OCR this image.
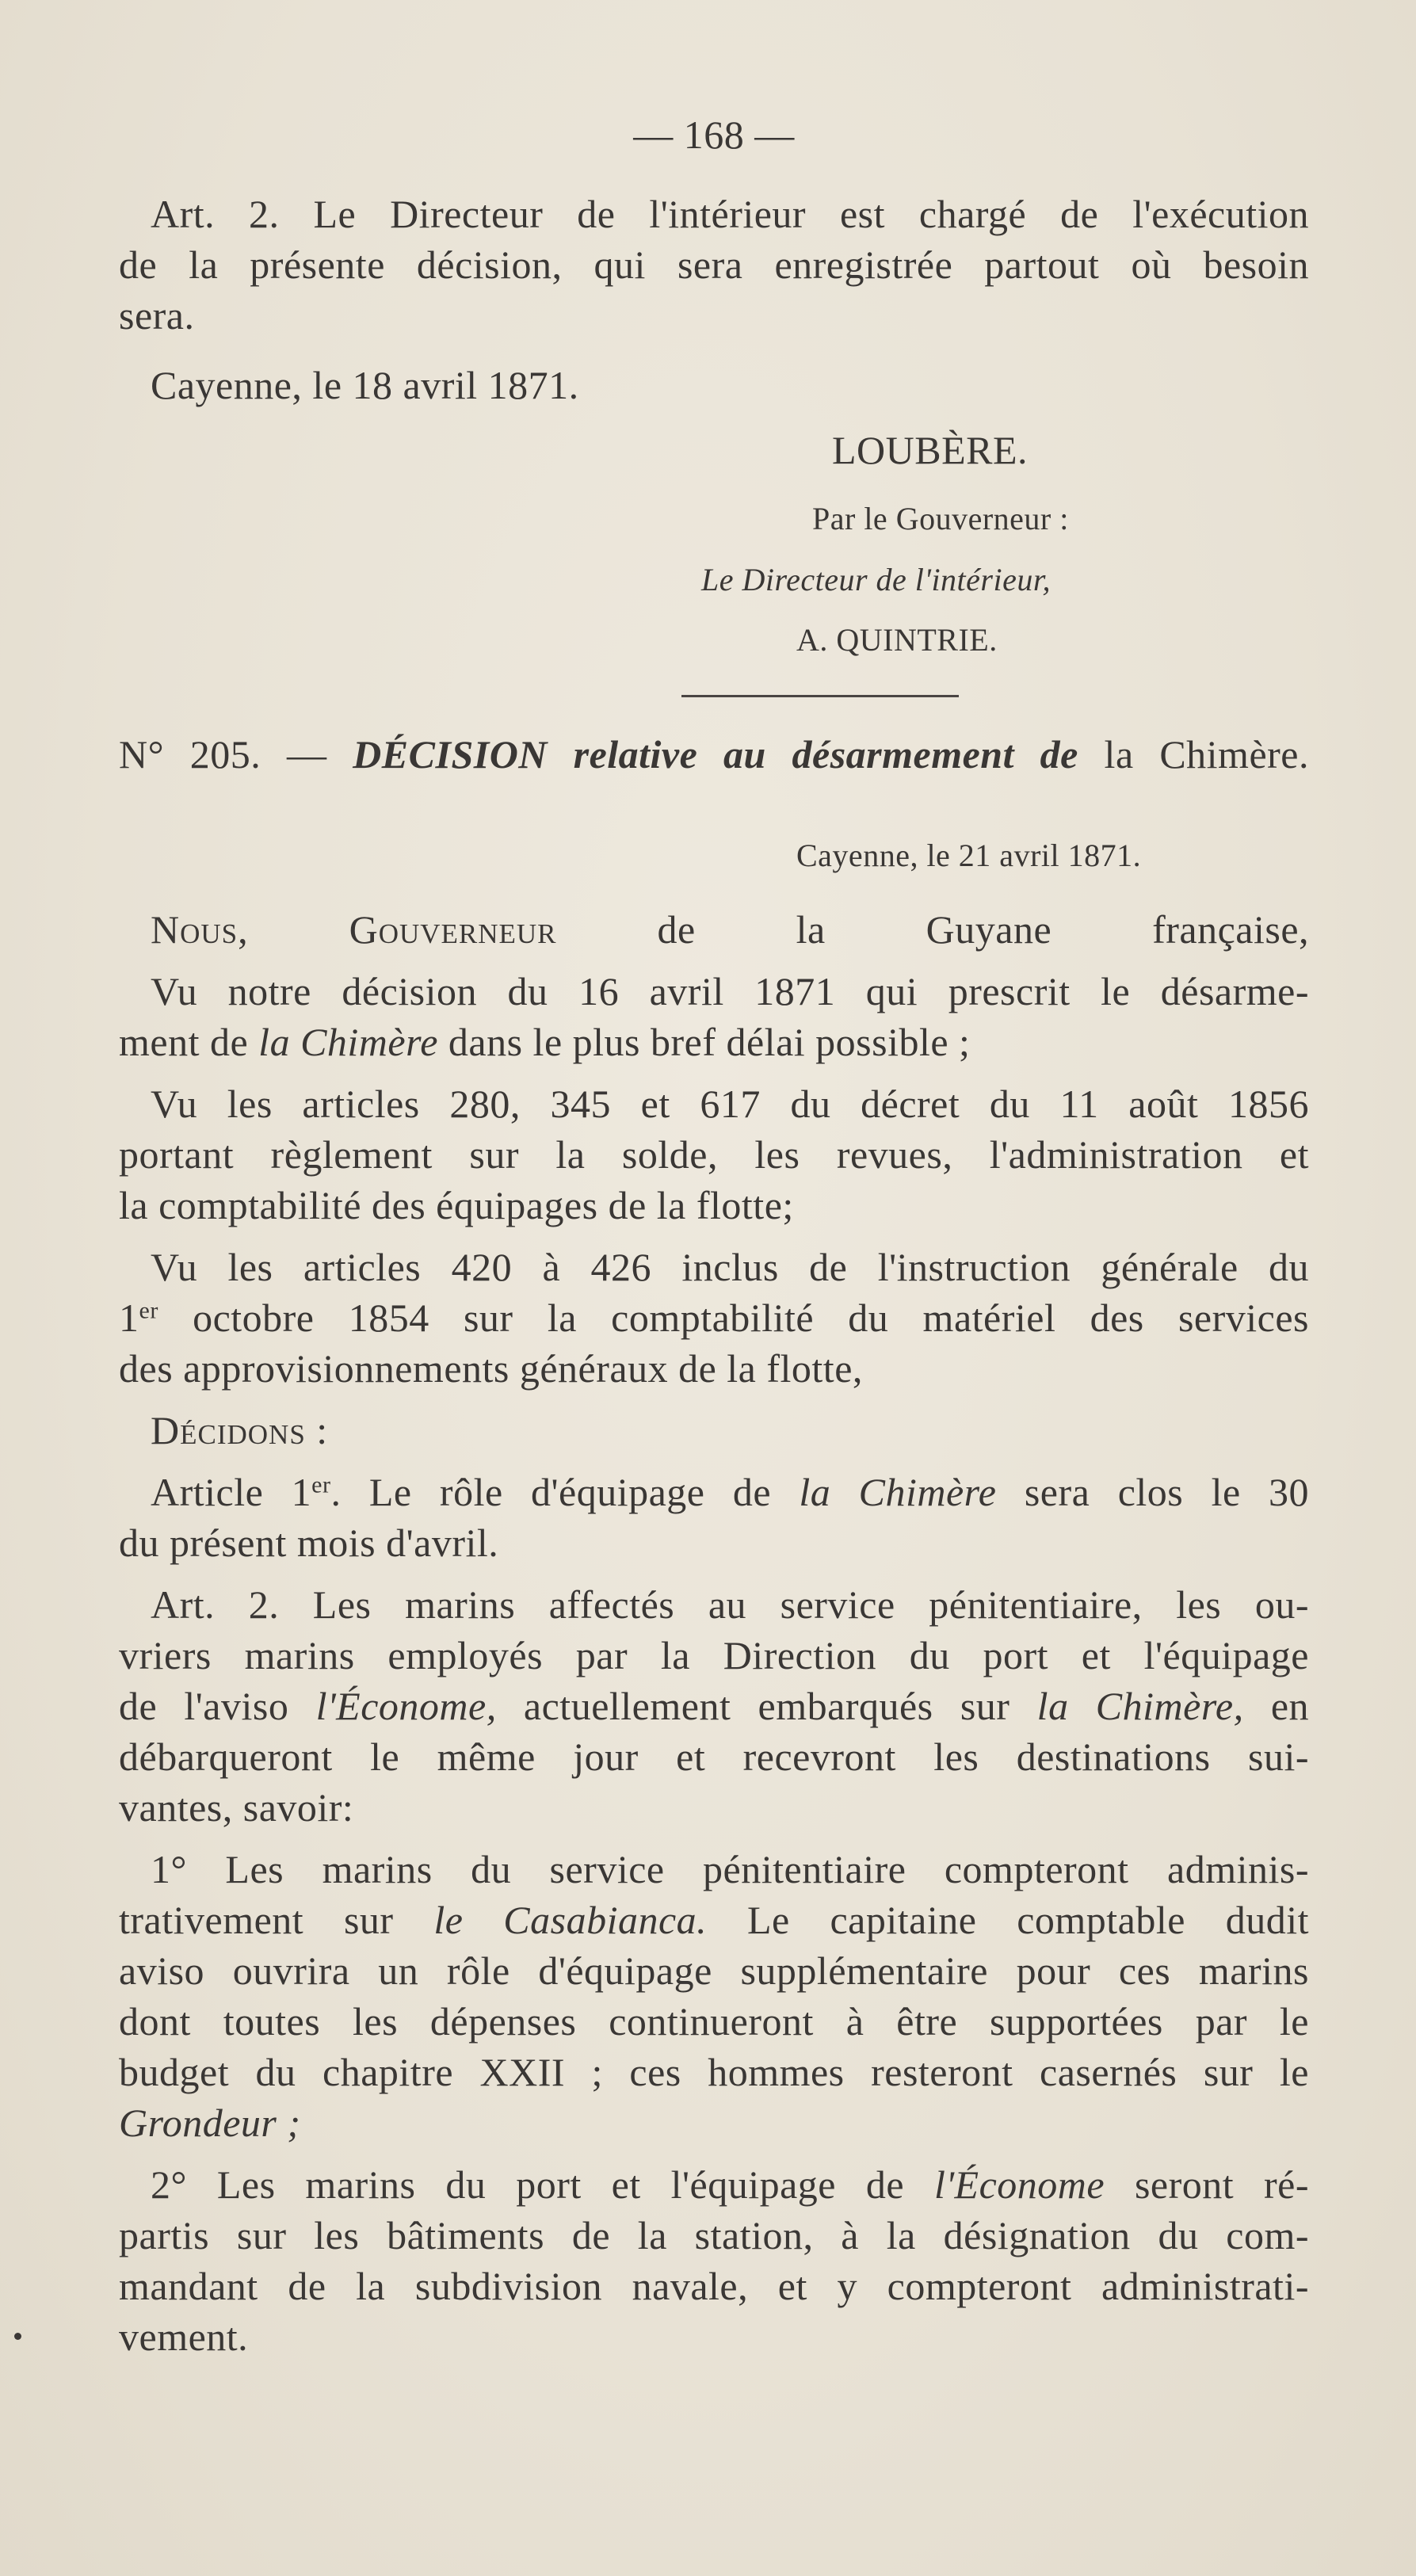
— 168 —
Art. 2. Le Directeur de l'intérieur est chargé de l'exécution
de la présente décision, qui sera enregistrée partout où besoin
sera.
Cayenne, le 18 avril 1871.
LOUBÈRE.
Par le Gouverneur :
Le Directeur de l'intérieur,
A. QUINTRIE.
N° 205. — DÉCISION relative au désarmement de la Chimère.
Cayenne, le 21 avril 1871.
Nous,	Gouverneur	de la Guyane française,
Vu notre décision du 16 avril 1871 qui prescrit le désarme-
ment de la Chimère dans le plus bref délai possible ;
Vu les articles 280, 345 et 617 du décret du 11 août 1856
portant règlement sur la solde, les revues, l'administration et
la comptabilité des équipages de la flotte;
Vu les articles 420 à 426 inclus de l'instruction générale du
1er octobre 1854 sur la comptabilité du matériel des services
des approvisionnements généraux de la flotte,
Décidons :
Article 1er. Le rôle d'équipage de la Chimère sera clos le 30
du présent mois d'avril.
Art. 2. Les marins affectés au service pénitentiaire, les ou-
vriers marins employés par la Direction du port et l'équipage
de l'aviso l'Économe, actuellement embarqués sur la Chimère, en
débarqueront le même jour et recevront les destinations sui-
vantes, savoir:
1° Les marins du service pénitentiaire compteront adminis-
trativement sur le Casabianca. Le capitaine comptable dudit
aviso ouvrira un rôle d'équipage supplémentaire pour ces marins
dont toutes les dépenses continueront à être supportées par le
budget du chapitre XXII ; ces hommes resteront casernés sur le
Grondeur ;
2° Les marins du port et l'équipage de l'Économe seront ré-
partis sur les bâtiments de la station, à la désignation du com-
mandant de la subdivision navale, et y compteront administrati-
vement.
